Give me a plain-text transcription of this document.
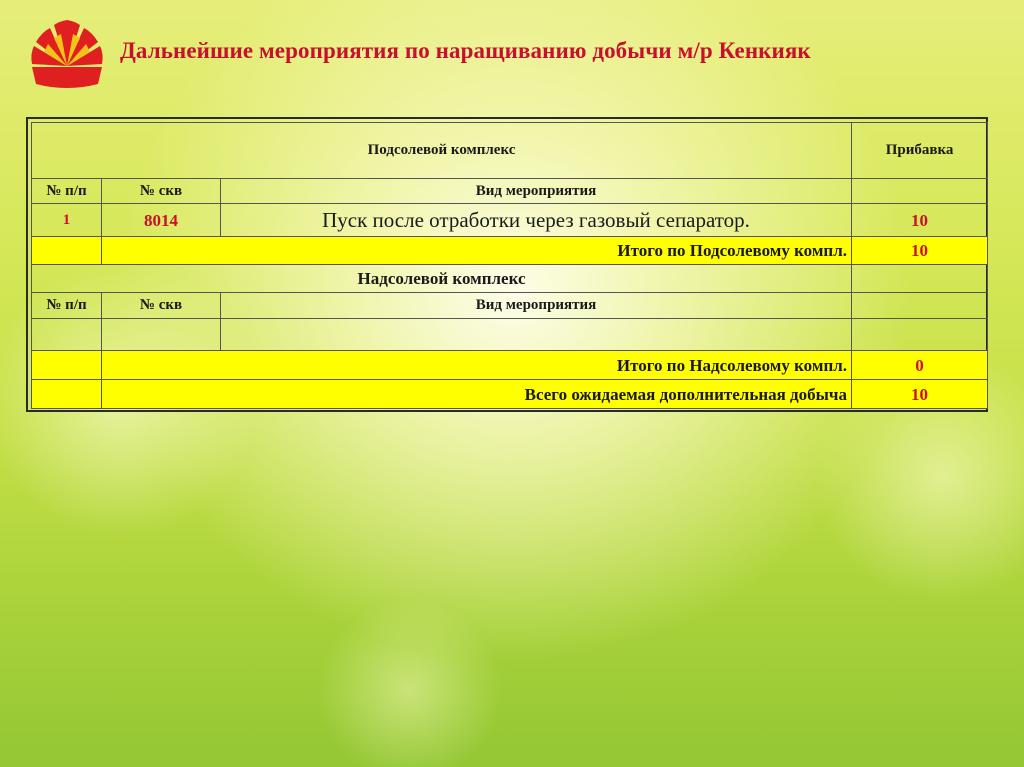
Дальнейшие мероприятия по наращиванию добычи м/р Кенкияк
Подсолевой комплекс			Прибавка
№ п/п	№ скв	Вид мероприятия	
1	8014	Пуск после отработки через газовый сепаратор.	10
	Итого по Подсолевому компл.		10
Надсолевой комплекс			
№ п/п	№ скв	Вид мероприятия	

	Итого по Надсолевому компл.		0
	Всего ожидаемая дополнительная добыча		10
